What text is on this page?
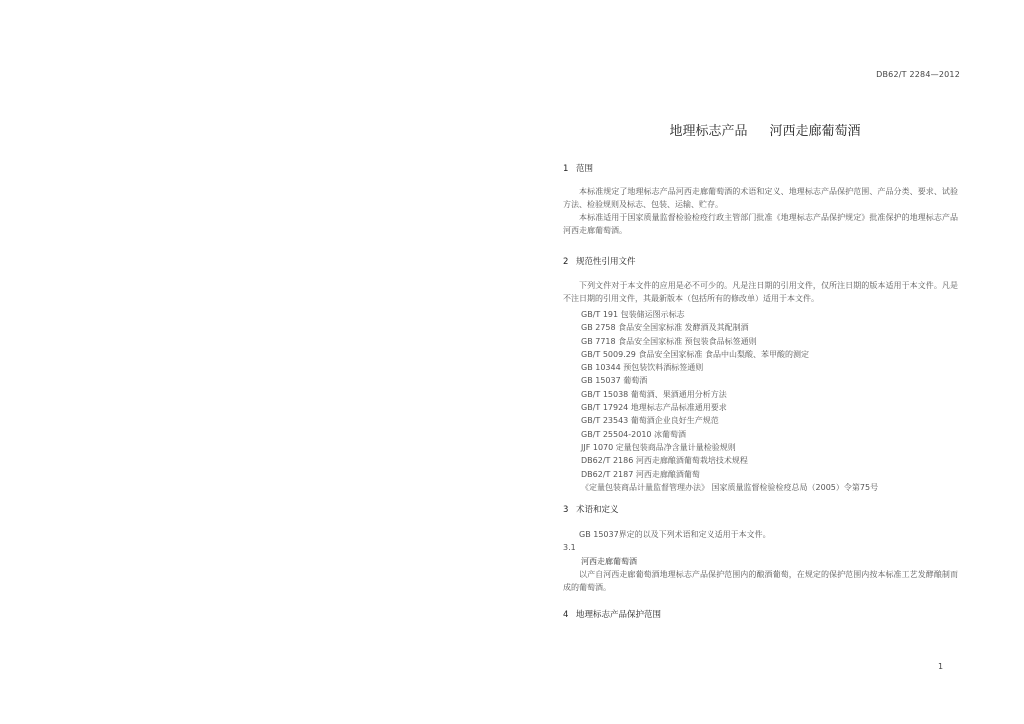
DB62/T 2284—2012
地理标志产品 河西走廊葡萄酒
1 范围
本标准规定了地理标志产品河西走廊葡萄酒的术语和定义、地理标志产品保护范围、产品分类、要求、试验方法、检验规则及标志、包装、运输、贮存。
本标准适用于国家质量监督检验检疫行政主管部门批准《地理标志产品保护规定》批准保护的地理标志产品河西走廊葡萄酒。
2 规范性引用文件
下列文件对于本文件的应用是必不可少的。凡是注日期的引用文件，仅所注日期的版本适用于本文件。凡是不注日期的引用文件，其最新版本（包括所有的修改单）适用于本文件。
GB/T 191 包装储运图示标志
GB 2758 食品安全国家标准 发酵酒及其配制酒
GB 7718 食品安全国家标准 预包装食品标签通则
GB/T 5009.29 食品安全国家标准 食品中山梨酸、苯甲酸的测定
GB 10344 预包装饮料酒标签通则
GB 15037 葡萄酒
GB/T 15038 葡萄酒、果酒通用分析方法
GB/T 17924 地理标志产品标准通用要求
GB/T 23543 葡萄酒企业良好生产规范
GB/T 25504-2010 冰葡萄酒
JJF 1070 定量包装商品净含量计量检验规则
DB62/T 2186 河西走廊酿酒葡萄栽培技术规程
DB62/T 2187 河西走廊酿酒葡萄
《定量包装商品计量监督管理办法》 国家质量监督检验检疫总局（2005）令第75号
3 术语和定义
GB 15037界定的以及下列术语和定义适用于本文件。
3.1
河西走廊葡萄酒
以产自河西走廊葡萄酒地理标志产品保护范围内的酿酒葡萄，在规定的保护范围内按本标准工艺发酵酿制而成的葡萄酒。
4 地理标志产品保护范围
1
